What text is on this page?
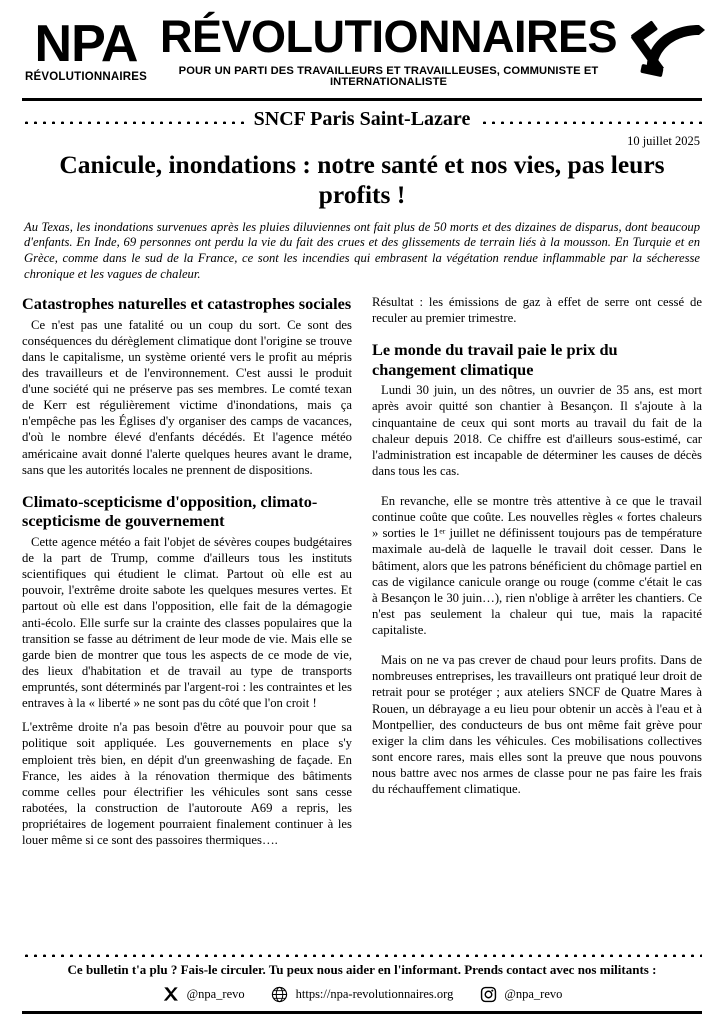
NPA
RÉVOLUTIONNAIRES
RÉVOLUTIONNAIRES
POUR UN PARTI DES TRAVAILLEURS ET TRAVAILLEUSES, COMMUNISTE ET INTERNATIONALISTE
SNCF Paris Saint-Lazare
10 juillet 2025
Canicule, inondations : notre santé et nos vies, pas leurs profits !
Au Texas, les inondations survenues après les pluies diluviennes ont fait plus de 50 morts et des dizaines de disparus, dont beaucoup d'enfants. En Inde, 69 personnes ont perdu la vie du fait des crues et des glissements de terrain liés à la mousson. En Turquie et en Grèce, comme dans le sud de la France, ce sont les incendies qui embrasent la végétation rendue inflammable par la sécheresse chronique et les vagues de chaleur.
Catastrophes naturelles et catastrophes sociales

Ce n'est pas une fatalité ou un coup du sort. Ce sont des conséquences du dérèglement climatique dont l'origine se trouve dans le capitalisme, un système orienté vers le profit au mépris des travailleurs et de l'environnement. C'est aussi le produit d'une société qui ne préserve pas ses membres. Le comté texan de Kerr est régulièrement victime d'inondations, mais ça n'empêche pas les Églises d'y organiser des camps de vacances, d'où le nombre élevé d'enfants décédés. Et l'agence météo américaine avait donné l'alerte quelques heures avant le drame, sans que les autorités locales ne prennent de dispositions.

Climato-scepticisme d'opposition, climato-scepticisme de gouvernement

Cette agence météo a fait l'objet de sévères coupes budgétaires de la part de Trump, comme d'ailleurs tous les instituts scientifiques qui étudient le climat. Partout où elle est au pouvoir, l'extrême droite sabote les quelques mesures vertes. Et partout où elle est dans l'opposition, elle fait de la démagogie anti-écolo. Elle surfe sur la crainte des classes populaires que la transition se fasse au détriment de leur mode de vie. Mais elle se garde bien de montrer que tous les aspects de ce mode de vie, des lieux d'habitation et de travail au type de transports empruntés, sont déterminés par l'argent-roi : les contraintes et les entraves à la « liberté » ne sont pas du côté que l'on croit !

L'extrême droite n'a pas besoin d'être au pouvoir pour que sa politique soit appliquée. Les gouvernements en place s'y emploient très bien, en dépit d'un greenwashing de façade. En France, les aides à la rénovation thermique des bâtiments comme celles pour électrifier les véhicules sont sans cesse rabotées, la construction de l'autoroute A69 a repris, les propriétaires de logement pourraient finalement continuer à les louer même si ce sont des passoires thermiques….

Résultat : les émissions de gaz à effet de serre ont cessé de reculer au premier trimestre.

Le monde du travail paie le prix du changement climatique

Lundi 30 juin, un des nôtres, un ouvrier de 35 ans, est mort après avoir quitté son chantier à Besançon. Il s'ajoute à la cinquantaine de ceux qui sont morts au travail du fait de la chaleur depuis 2018. Ce chiffre est d'ailleurs sous-estimé, car l'administration est incapable de déterminer les causes de décès dans tous les cas.

En revanche, elle se montre très attentive à ce que le travail continue coûte que coûte. Les nouvelles règles « fortes chaleurs » sorties le 1ᵉʳ juillet ne définissent toujours pas de température maximale au-delà de laquelle le travail doit cesser. Dans le bâtiment, alors que les patrons bénéficient du chômage partiel en cas de vigilance canicule orange ou rouge (comme c'était le cas à Besançon le 30 juin…), rien n'oblige à arrêter les chantiers. Ce n'est pas seulement la chaleur qui tue, mais la rapacité capitaliste.

Mais on ne va pas crever de chaud pour leurs profits. Dans de nombreuses entreprises, les travailleurs ont pratiqué leur droit de retrait pour se protéger ; aux ateliers SNCF de Quatre Mares à Rouen, un débrayage a eu lieu pour obtenir un accès à l'eau et à Montpellier, des conducteurs de bus ont même fait grève pour exiger la clim dans les véhicules. Ces mobilisations collectives sont encore rares, mais elles sont la preuve que nous pouvons nous battre avec nos armes de classe pour ne pas faire les frais du réchauffement climatique.

Ce bulletin t'a plu ? Fais-le circuler. Tu peux nous aider en l'informant. Prends contact avec nos militants :
@npa_revo	https://npa-revolutionnaires.org	@npa_revo
